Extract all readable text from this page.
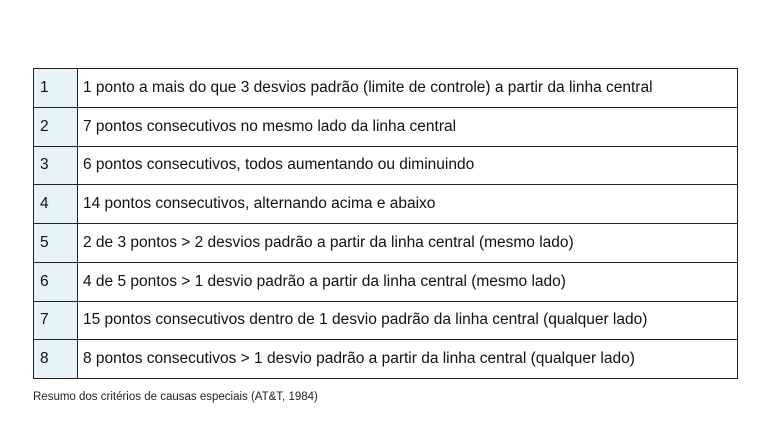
1	1 ponto a mais do que 3 desvios padrão (limite de controle) a partir da linha central
2	7 pontos consecutivos no mesmo lado da linha central
3	6 pontos consecutivos, todos aumentando ou diminuindo
4	14 pontos consecutivos, alternando acima e abaixo
5	2 de 3 pontos > 2 desvios padrão a partir da linha central (mesmo lado)
6	4 de 5 pontos > 1 desvio padrão a partir da linha central (mesmo lado)
7	15 pontos consecutivos dentro de 1 desvio padrão da linha central (qualquer lado)
8	8 pontos consecutivos > 1 desvio padrão a partir da linha central (qualquer lado)
Resumo dos critérios de causas especiais (AT&T, 1984)
